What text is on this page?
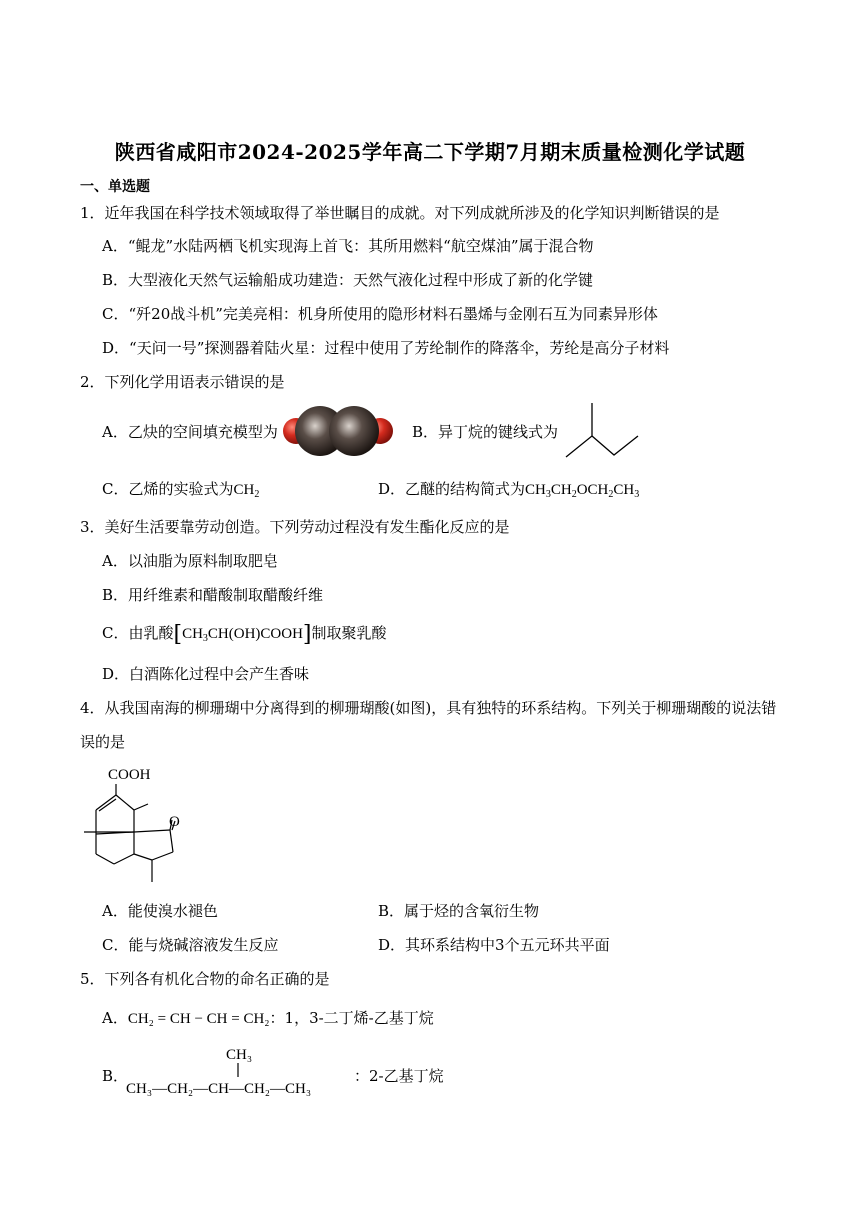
陕西省咸阳市2024-2025学年高二下学期7月期末质量检测化学试题
一、单选题
1．近年我国在科学技术领域取得了举世瞩目的成就。对下列成就所涉及的化学知识判断错误的是
A．“鲲龙”水陆两栖飞机实现海上首飞：其所用燃料“航空煤油”属于混合物
B．大型液化天然气运输船成功建造：天然气液化过程中形成了新的化学键
C．“歼20战斗机”完美亮相：机身所使用的隐形材料石墨烯与金刚石互为同素异形体
D．“天问一号”探测器着陆火星：过程中使用了芳纶制作的降落伞，芳纶是高分子材料
2．下列化学用语表示错误的是
A．乙炔的空间填充模型为	B．异丁烷的键线式为
C．乙烯的实验式为$CH_2$	D．乙醚的结构简式为$CH_3CH_2OCH_2CH_3$
3．美好生活要靠劳动创造。下列劳动过程没有发生酯化反应的是
A．以油脂为原料制取肥皂
B．用纤维素和醋酸制取醋酸纤维
C．由乳酸$[CH_3CH(OH)COOH]$制取聚乳酸
D．白酒陈化过程中会产生香味
4．从我国南海的柳珊瑚中分离得到的柳珊瑚酸(如图)，具有独特的环系结构。下列关于柳珊瑚酸的说法错误的是
COOH
O
A．能使溴水褪色	B．属于烃的含氧衍生物
C．能与烧碱溶液发生反应	D．其环系结构中3个五元环共平面
5．下列各有机化合物的命名正确的是
A．CH₂ = CH − CH = CH₂：1，3-二丁烯-乙基丁烷
B．
CH₃
CH₃—CH₂—CH—CH₂—CH₃
：2-乙基丁烷
